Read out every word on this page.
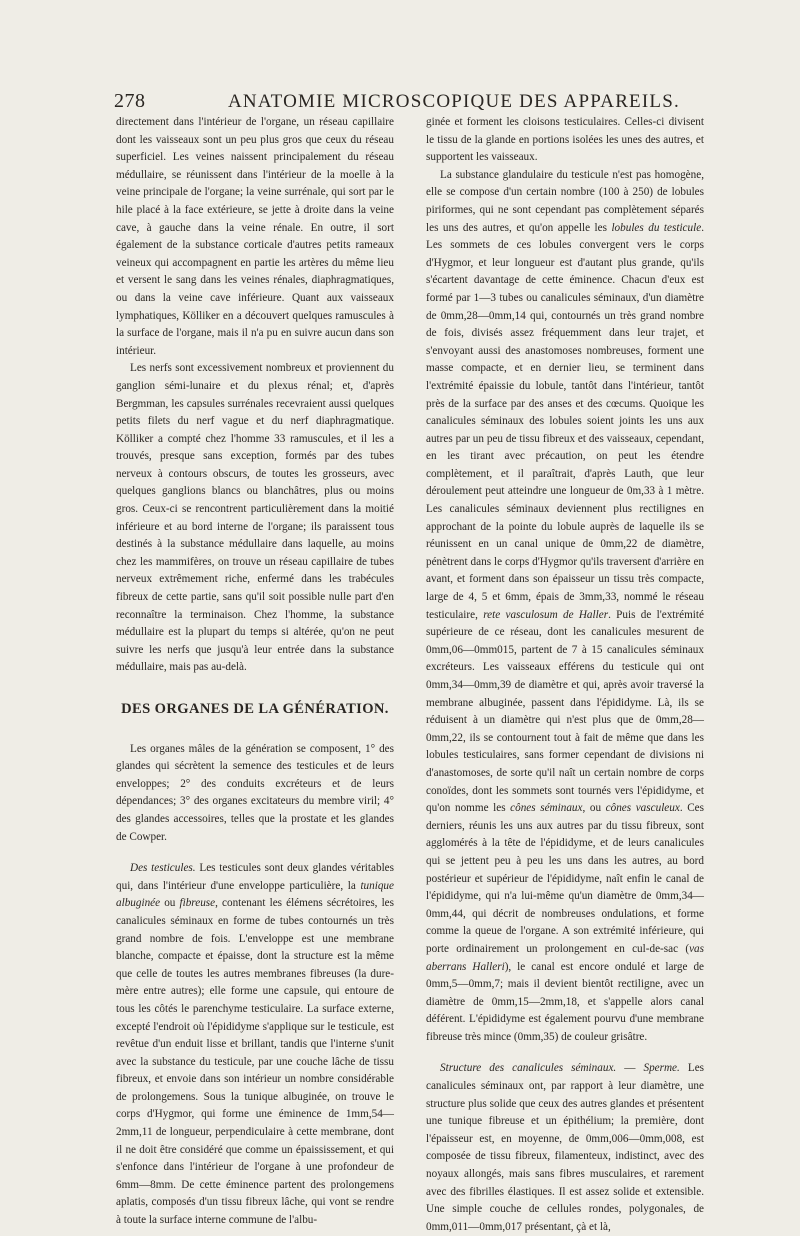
278	ANATOMIE MICROSCOPIQUE DES APPAREILS.

directement dans l'intérieur de l'organe, un réseau capillaire dont les vaisseaux sont un peu plus gros que ceux du réseau superficiel. Les veines naissent principalement du réseau médullaire, se réunissent dans l'intérieur de la moelle à la veine principale de l'organe; la veine surrénale, qui sort par le hile placé à la face extérieure, se jette à droite dans la veine cave, à gauche dans la veine rénale. En outre, il sort également de la substance corticale d'autres petits rameaux veineux qui accompagnent en partie les artères du même lieu et versent le sang dans les veines rénales, diaphragmatiques, ou dans la veine cave inférieure. Quant aux vaisseaux lymphatiques, Kölliker en a découvert quelques ramuscules à la surface de l'organe, mais il n'a pu en suivre aucun dans son intérieur.

Les nerfs sont excessivement nombreux et proviennent du ganglion sémi-lunaire et du plexus rénal; et, d'après Bergmman, les capsules surrénales recevraient aussi quelques petits filets du nerf vague et du nerf diaphragmatique. Kölliker a compté chez l'homme 33 ramuscules, et il les a trouvés, presque sans exception, formés par des tubes nerveux à contours obscurs, de toutes les grosseurs, avec quelques ganglions blancs ou blanchâtres, plus ou moins gros. Ceux-ci se rencontrent particulièrement dans la moitié inférieure et au bord interne de l'organe; ils paraissent tous destinés à la substance médullaire dans laquelle, au moins chez les mammifères, on trouve un réseau capillaire de tubes nerveux extrêmement riche, enfermé dans les trabécules fibreux de cette partie, sans qu'il soit possible nulle part d'en reconnaître la terminaison. Chez l'homme, la substance médullaire est la plupart du temps si altérée, qu'on ne peut suivre les nerfs que jusqu'à leur entrée dans la substance médullaire, mais pas au-delà.

DES ORGANES DE LA GÉNÉRATION.

Les organes mâles de la génération se composent, 1° des glandes qui sécrètent la semence des testicules et de leurs enveloppes; 2° des conduits excréteurs et de leurs dépendances; 3° des organes excitateurs du membre viril; 4° des glandes accessoires, telles que la prostate et les glandes de Cowper.

Des testicules. Les testicules sont deux glandes véritables qui, dans l'intérieur d'une enveloppe particulière, la tunique albuginée ou fibreuse, contenant les élémens sécrétoires, les canalicules séminaux en forme de tubes contournés un très grand nombre de fois. L'enveloppe est une membrane blanche, compacte et épaisse, dont la structure est la même que celle de toutes les autres membranes fibreuses (la dure-mère entre autres); elle forme une capsule, qui entoure de tous les côtés le parenchyme testiculaire. La surface externe, excepté l'endroit où l'épididyme s'applique sur le testicule, est revêtue d'un enduit lisse et brillant, tandis que l'interne s'unit avec la substance du testicule, par une couche lâche de tissu fibreux, et envoie dans son intérieur un nombre considérable de prolongemens. Sous la tunique albuginée, on trouve le corps d'Hygmor, qui forme une éminence de 1mm,54—2mm,11 de longueur, perpendiculaire à cette membrane, dont il ne doit être considéré que comme un épaississement, et qui s'enfonce dans l'intérieur de l'organe à une profondeur de 6mm—8mm. De cette éminence partent des prolongemens aplatis, composés d'un tissu fibreux lâche, qui vont se rendre à toute la surface interne commune de l'albu-

ginée et forment les cloisons testiculaires. Celles-ci divisent le tissu de la glande en portions isolées les unes des autres, et supportent les vaisseaux.

La substance glandulaire du testicule n'est pas homogène, elle se compose d'un certain nombre (100 à 250) de lobules piriformes, qui ne sont cependant pas complètement séparés les uns des autres, et qu'on appelle les lobules du testicule. Les sommets de ces lobules convergent vers le corps d'Hygmor, et leur longueur est d'autant plus grande, qu'ils s'écartent davantage de cette éminence. Chacun d'eux est formé par 1—3 tubes ou canalicules séminaux, d'un diamètre de 0mm,28—0mm,14 qui, contournés un très grand nombre de fois, divisés assez fréquemment dans leur trajet, et s'envoyant aussi des anastomoses nombreuses, forment une masse compacte, et en dernier lieu, se terminent dans l'extrémité épaissie du lobule, tantôt dans l'intérieur, tantôt près de la surface par des anses et des cœcums. Quoique les canalicules séminaux des lobules soient joints les uns aux autres par un peu de tissu fibreux et des vaisseaux, cependant, en les tirant avec précaution, on peut les étendre complètement, et il paraîtrait, d'après Lauth, que leur déroulement peut atteindre une longueur de 0m,33 à 1 mètre. Les canalicules séminaux deviennent plus rectilignes en approchant de la pointe du lobule auprès de laquelle ils se réunissent en un canal unique de 0mm,22 de diamètre, pénètrent dans le corps d'Hygmor qu'ils traversent d'arrière en avant, et forment dans son épaisseur un tissu très compacte, large de 4, 5 et 6mm, épais de 3mm,33, nommé le réseau testiculaire, rete vasculosum de Haller. Puis de l'extrémité supérieure de ce réseau, dont les canalicules mesurent de 0mm,06—0mm015, partent de 7 à 15 canalicules séminaux excréteurs. Les vaisseaux efférens du testicule qui ont 0mm,34—0mm,39 de diamètre et qui, après avoir traversé la membrane albuginée, passent dans l'épididyme. Là, ils se réduisent à un diamètre qui n'est plus que de 0mm,28—0mm,22, ils se contournent tout à fait de même que dans les lobules testiculaires, sans former cependant de divisions ni d'anastomoses, de sorte qu'il naît un certain nombre de corps conoïdes, dont les sommets sont tournés vers l'épididyme, et qu'on nomme les cônes séminaux, ou cônes vasculeux. Ces derniers, réunis les uns aux autres par du tissu fibreux, sont agglomérés à la tête de l'épididyme, et de leurs canalicules qui se jettent peu à peu les uns dans les autres, au bord postérieur et supérieur de l'épididyme, naît enfin le canal de l'épididyme, qui n'a lui-même qu'un diamètre de 0mm,34—0mm,44, qui décrit de nombreuses ondulations, et forme comme la queue de l'organe. A son extrémité inférieure, qui porte ordinairement un prolongement en cul-de-sac (vas aberrans Halleri), le canal est encore ondulé et large de 0mm,5—0mm,7; mais il devient bientôt rectiligne, avec un diamètre de 0mm,15—2mm,18, et s'appelle alors canal déférent. L'épididyme est également pourvu d'une membrane fibreuse très mince (0mm,35) de couleur grisâtre.

Structure des canalicules séminaux. — Sperme. Les canalicules séminaux ont, par rapport à leur diamètre, une structure plus solide que ceux des autres glandes et présentent une tunique fibreuse et un épithélium; la première, dont l'épaisseur est, en moyenne, de 0mm,006—0mm,008, est composée de tissu fibreux, filamenteux, indistinct, avec des noyaux allongés, mais sans fibres musculaires, et rarement avec des fibrilles élastiques. Il est assez solide et extensible. Une simple couche de cellules rondes, polygonales, de 0mm,011—0mm,017 présentant, çà et là,
